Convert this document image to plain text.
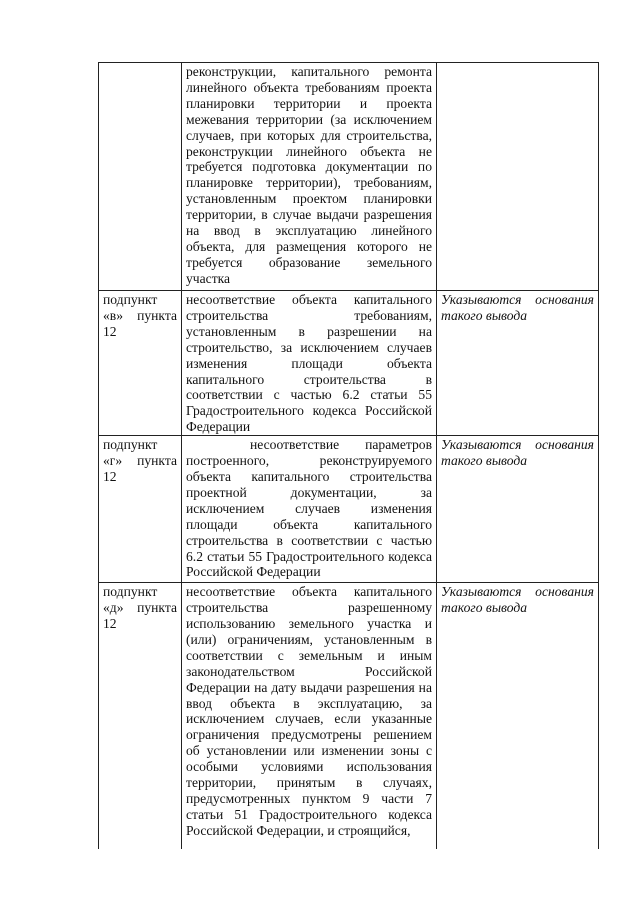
	реконструкции, капитального ремонта линейного объекта требованиям проекта планировки территории и проекта межевания территории (за исключением случаев, при которых для строительства, реконструкции линейного объекта не требуется подготовка документации по планировке территории), требованиям, установленным проектом планировки территории, в случае выдачи разрешения на ввод в эксплуатацию линейного объекта, для размещения которого не требуется образование земельного участка	
подпункт «в» пункта 12	несоответствие объекта капитального строительства требованиям, установленным в разрешении на строительство, за исключением случаев изменения площади объекта капитального строительства в соответствии с частью 6.2 статьи 55 Градостроительного кодекса Российской Федерации	Указываются основания такого вывода
подпункт «г» пункта 12	несоответствие параметров построенного, реконструируемого объекта капитального строительства проектной документации, за исключением случаев изменения площади объекта капитального строительства в соответствии с частью 6.2 статьи 55 Градостроительного кодекса Российской Федерации	Указываются основания такого вывода
подпункт «д» пункта 12	несоответствие объекта капитального строительства разрешенному использованию земельного участка и (или) ограничениям, установленным в соответствии с земельным и иным законодательством Российской Федерации на дату выдачи разрешения на ввод объекта в эксплуатацию, за исключением случаев, если указанные ограничения предусмотрены решением об установлении или изменении зоны с особыми условиями использования территории, принятым в случаях, предусмотренных пунктом 9 части 7 статьи 51 Градостроительного кодекса Российской Федерации, и строящийся,	Указываются основания такого вывода
